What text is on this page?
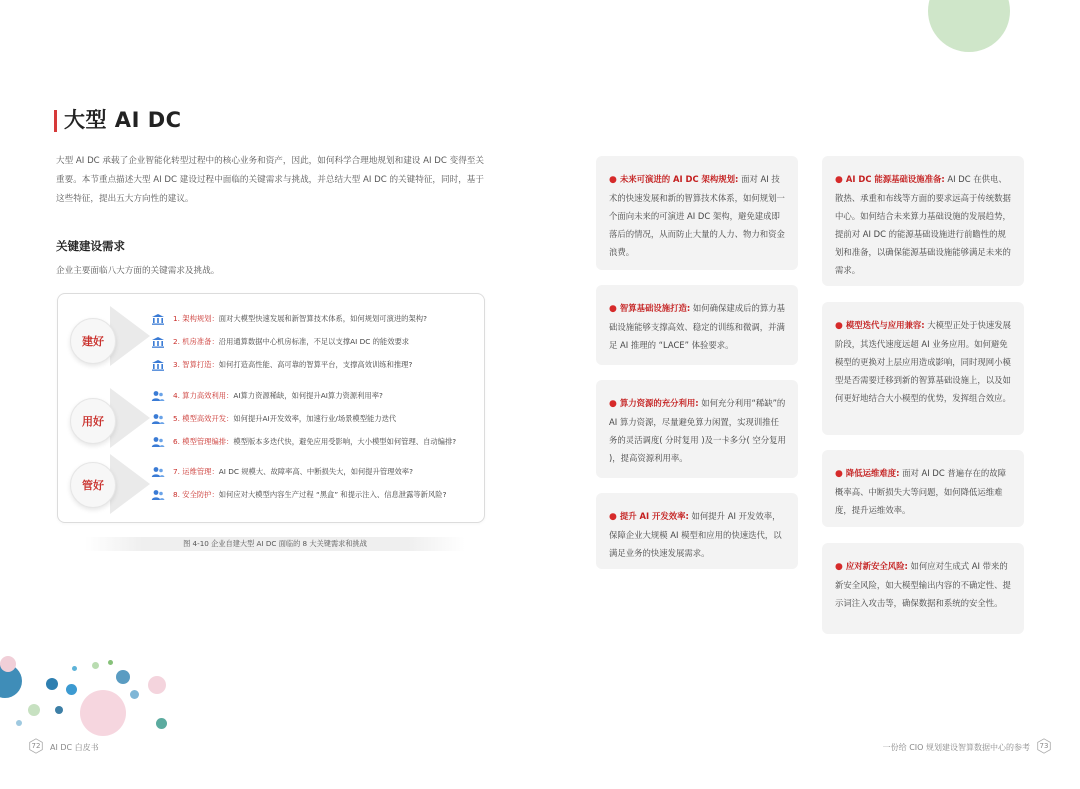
大型 AI DC
大型 AI DC 承载了企业智能化转型过程中的核心业务和资产，因此，如何科学合理地规划和建设 AI DC 变得至关重要。本节重点描述大型 AI DC 建设过程中面临的关键需求与挑战，并总结大型 AI DC 的关键特征，同时，基于这些特征，提出五大方向性的建议。
关键建设需求
企业主要面临八大方面的关键需求及挑战。
建好
1. 架构规划： 面对大模型快速发展和新智算技术体系，如何规划可演进的架构?
2. 机房准备： 沿用通算数据中心机房标准，不足以支撑AI DC 的能效要求
3. 智算打造： 如何打造高性能、高可靠的智算平台，支撑高效训练和推理?
用好
4. 算力高效利用： AI算力资源稀缺，如何提升AI算力资源利用率?
5. 模型高效开发： 如何提升AI开发效率，加速行业/场景模型能力迭代
6. 模型管理编排： 模型版本多迭代快，避免应用受影响，大小模型如何管理、自动编排?
管好
7. 运维管理： AI DC 规模大、故障率高、中断损失大，如何提升管理效率?
8. 安全防护： 如何应对大模型内容生产过程 “黑盒” 和提示注入、信息泄露等新风险?
图 4-10 企业自建大型 AI DC 面临的 8 大关键需求和挑战
● 未来可演进的 AI DC 架构规划: 面对 AI 技术的快速发展和新的智算技术体系，如何规划一个面向未来的可演进 AI DC 架构，避免建成即落后的情况，从而防止大量的人力、物力和资金浪费。
● 智算基础设施打造: 如何确保建成后的算力基础设施能够支撑高效、稳定的训练和微调，并满足 AI 推理的 “LACE” 体验要求。
● 算力资源的充分利用: 如何充分利用“稀缺”的 AI 算力资源，尽量避免算力闲置，实现训推任务的灵活调度( 分时复用 )及一卡多分( 空分复用 )，提高资源利用率。
● 提升 AI 开发效率: 如何提升 AI 开发效率，保障企业大规模 AI 模型和应用的快速迭代，以满足业务的快速发展需求。
● AI DC 能源基础设施准备: AI DC 在供电、散热、承重和布线等方面的要求远高于传统数据中心。如何结合未来算力基础设施的发展趋势，提前对 AI DC 的能源基础设施进行前瞻性的规划和准备，以确保能源基础设施能够满足未来的需求。
● 模型迭代与应用兼容: 大模型正处于快速发展阶段，其迭代速度远超 AI 业务应用。如何避免模型的更换对上层应用造成影响，同时现网小模型是否需要迁移到新的智算基础设施上，以及如何更好地结合大小模型的优势，发挥组合效应。
● 降低运维难度: 面对 AI DC 普遍存在的故障概率高、中断损失大等问题，如何降低运维难度，提升运维效率。
● 应对新安全风险: 如何应对生成式 AI 带来的新安全风险，如大模型输出内容的不确定性、提示词注入攻击等，确保数据和系统的安全性。
72	AI DC 白皮书	一份给 CIO 规划建设智算数据中心的参考	73
